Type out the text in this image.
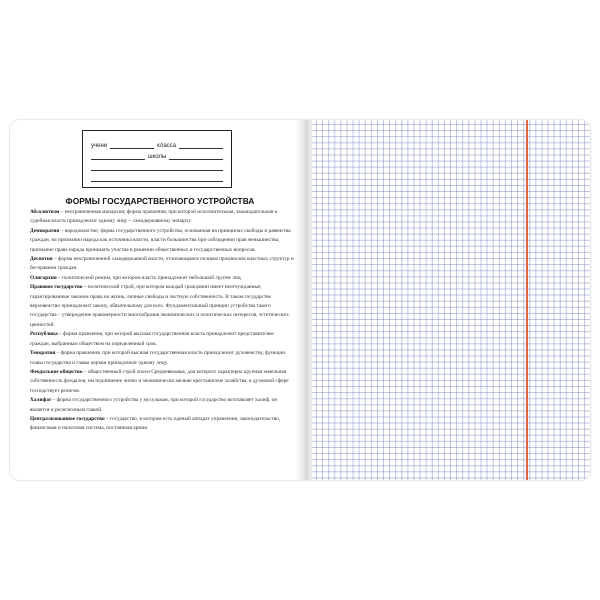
учени	класса
школы
ФОРМЫ ГОСУДАРСТВЕННОГО УСТРОЙСТВА

Абсолютизм – неограниченная монархия; форма правления, при которой исполнительная, законодательная и судебная власть принадлежит одному лицу – самодержавному монарху.

Демократия – народовластие; форма государственного устройства, основанная на принципах свободы и равенства граждан, на признании народа как источника власти, власти большинства при соблюдении прав меньшинства, признание права народа принимать участие в решении общественных и государственных вопросов.

Деспотия – форма неограниченной самодержавной власти, отличающаяся полным произволом властных структур и бесправием граждан.

Олигархия – политический режим, при котором власть принадлежит небольшой группе лиц.

Правовое государство – политический строй, при котором каждый гражданин имеет неотчуждаемые, гарантированные законом права на жизнь, личные свободы и частную собственность. В таком государстве верховенство принадлежит закону, обязательному для всех. Фундаментальный принцип устройства такого государства – утверждение правомерности многообразия экономических и политических интересов, эстетических ценностей.

Республика – форма правления, при которой высшая государственная власть принадлежит представителям граждан, выбранным обществом на определенный срок.

Теократия – форма правления, при которой высшая государственная власть принадлежит духовенству, функции главы государства и главы церкви принадлежат одному лицу.

Феодальное общество – общественный строй эпохи Средневековья, для которого характерна крупная земельная собственность феодалов, им подчинение лично и экономически мелкие крестьянские хозяйства, в духовной сфере господствует религия.

Халифат – форма государственного устройства у мусульман, при которой государство возглавляет халиф, он является и религиозным главой.

Централизованное государство – государство, в котором есть единый аппарат управления, законодательство, финансовая и налоговая система, постоянная армия.
